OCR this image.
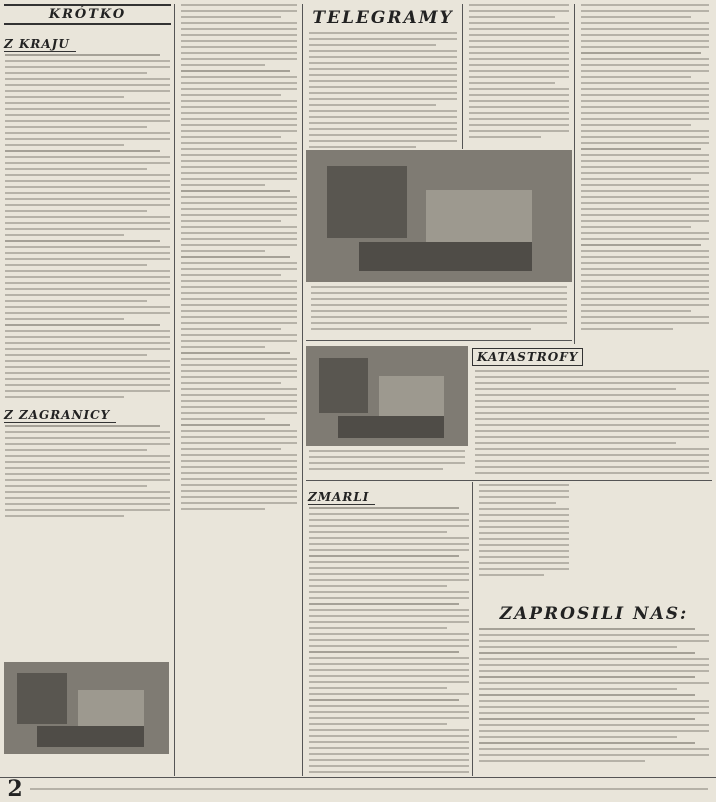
KRÓTKO
Z KRAJU
Z ZAGRANICY
TELEGRAMY
KATASTROFY
ZMARLI
ZAPROSILI NAS:
2
